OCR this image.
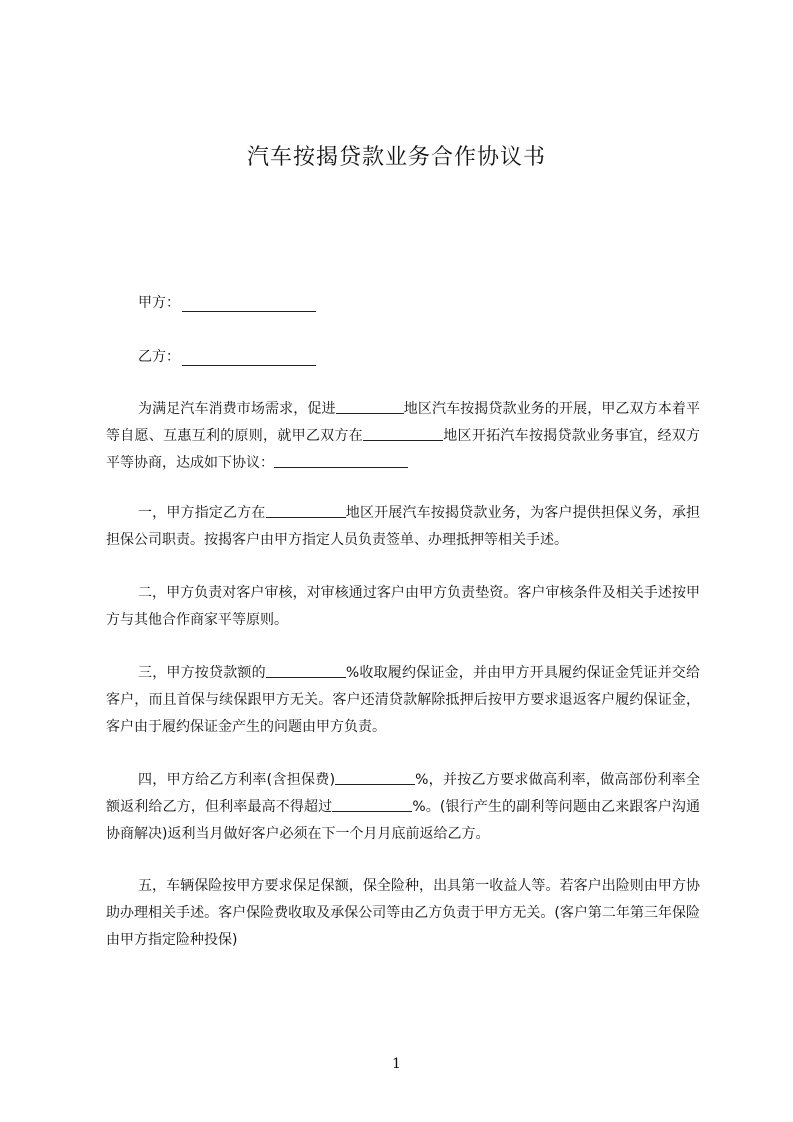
汽车按揭贷款业务合作协议书
甲方：
乙方：

为满足汽车消费市场需求，促进	地区汽车按揭贷款业务的开展，甲乙双方本着平等自愿、互惠互利的原则，就甲乙双方在	地区开拓汽车按揭贷款业务事宜，经双方平等协商，达成如下协议：

一，甲方指定乙方在	地区开展汽车按揭贷款业务，为客户提供担保义务，承担担保公司职责。按揭客户由甲方指定人员负责签单、办理抵押等相关手述。

二，甲方负责对客户审核，对审核通过客户由甲方负责垫资。客户审核条件及相关手述按甲方与其他合作商家平等原则。

三，甲方按贷款额的	%收取履约保证金，并由甲方开具履约保证金凭证并交给客户，而且首保与续保跟甲方无关。客户还清贷款解除抵押后按甲方要求退返客户履约保证金，客户由于履约保证金产生的问题由甲方负责。

四，甲方给乙方利率(含担保费)	%，并按乙方要求做高利率，做高部份利率全额返利给乙方，但利率最高不得超过	%。(银行产生的副利等问题由乙来跟客户沟通协商解决)返利当月做好客户必须在下一个月月底前返给乙方。

五，车辆保险按甲方要求保足保额，保全险种，出具第一收益人等。若客户出险则由甲方协助办理相关手述。客户保险费收取及承保公司等由乙方负责于甲方无关。(客户第二年第三年保险由甲方指定险种投保)

1
